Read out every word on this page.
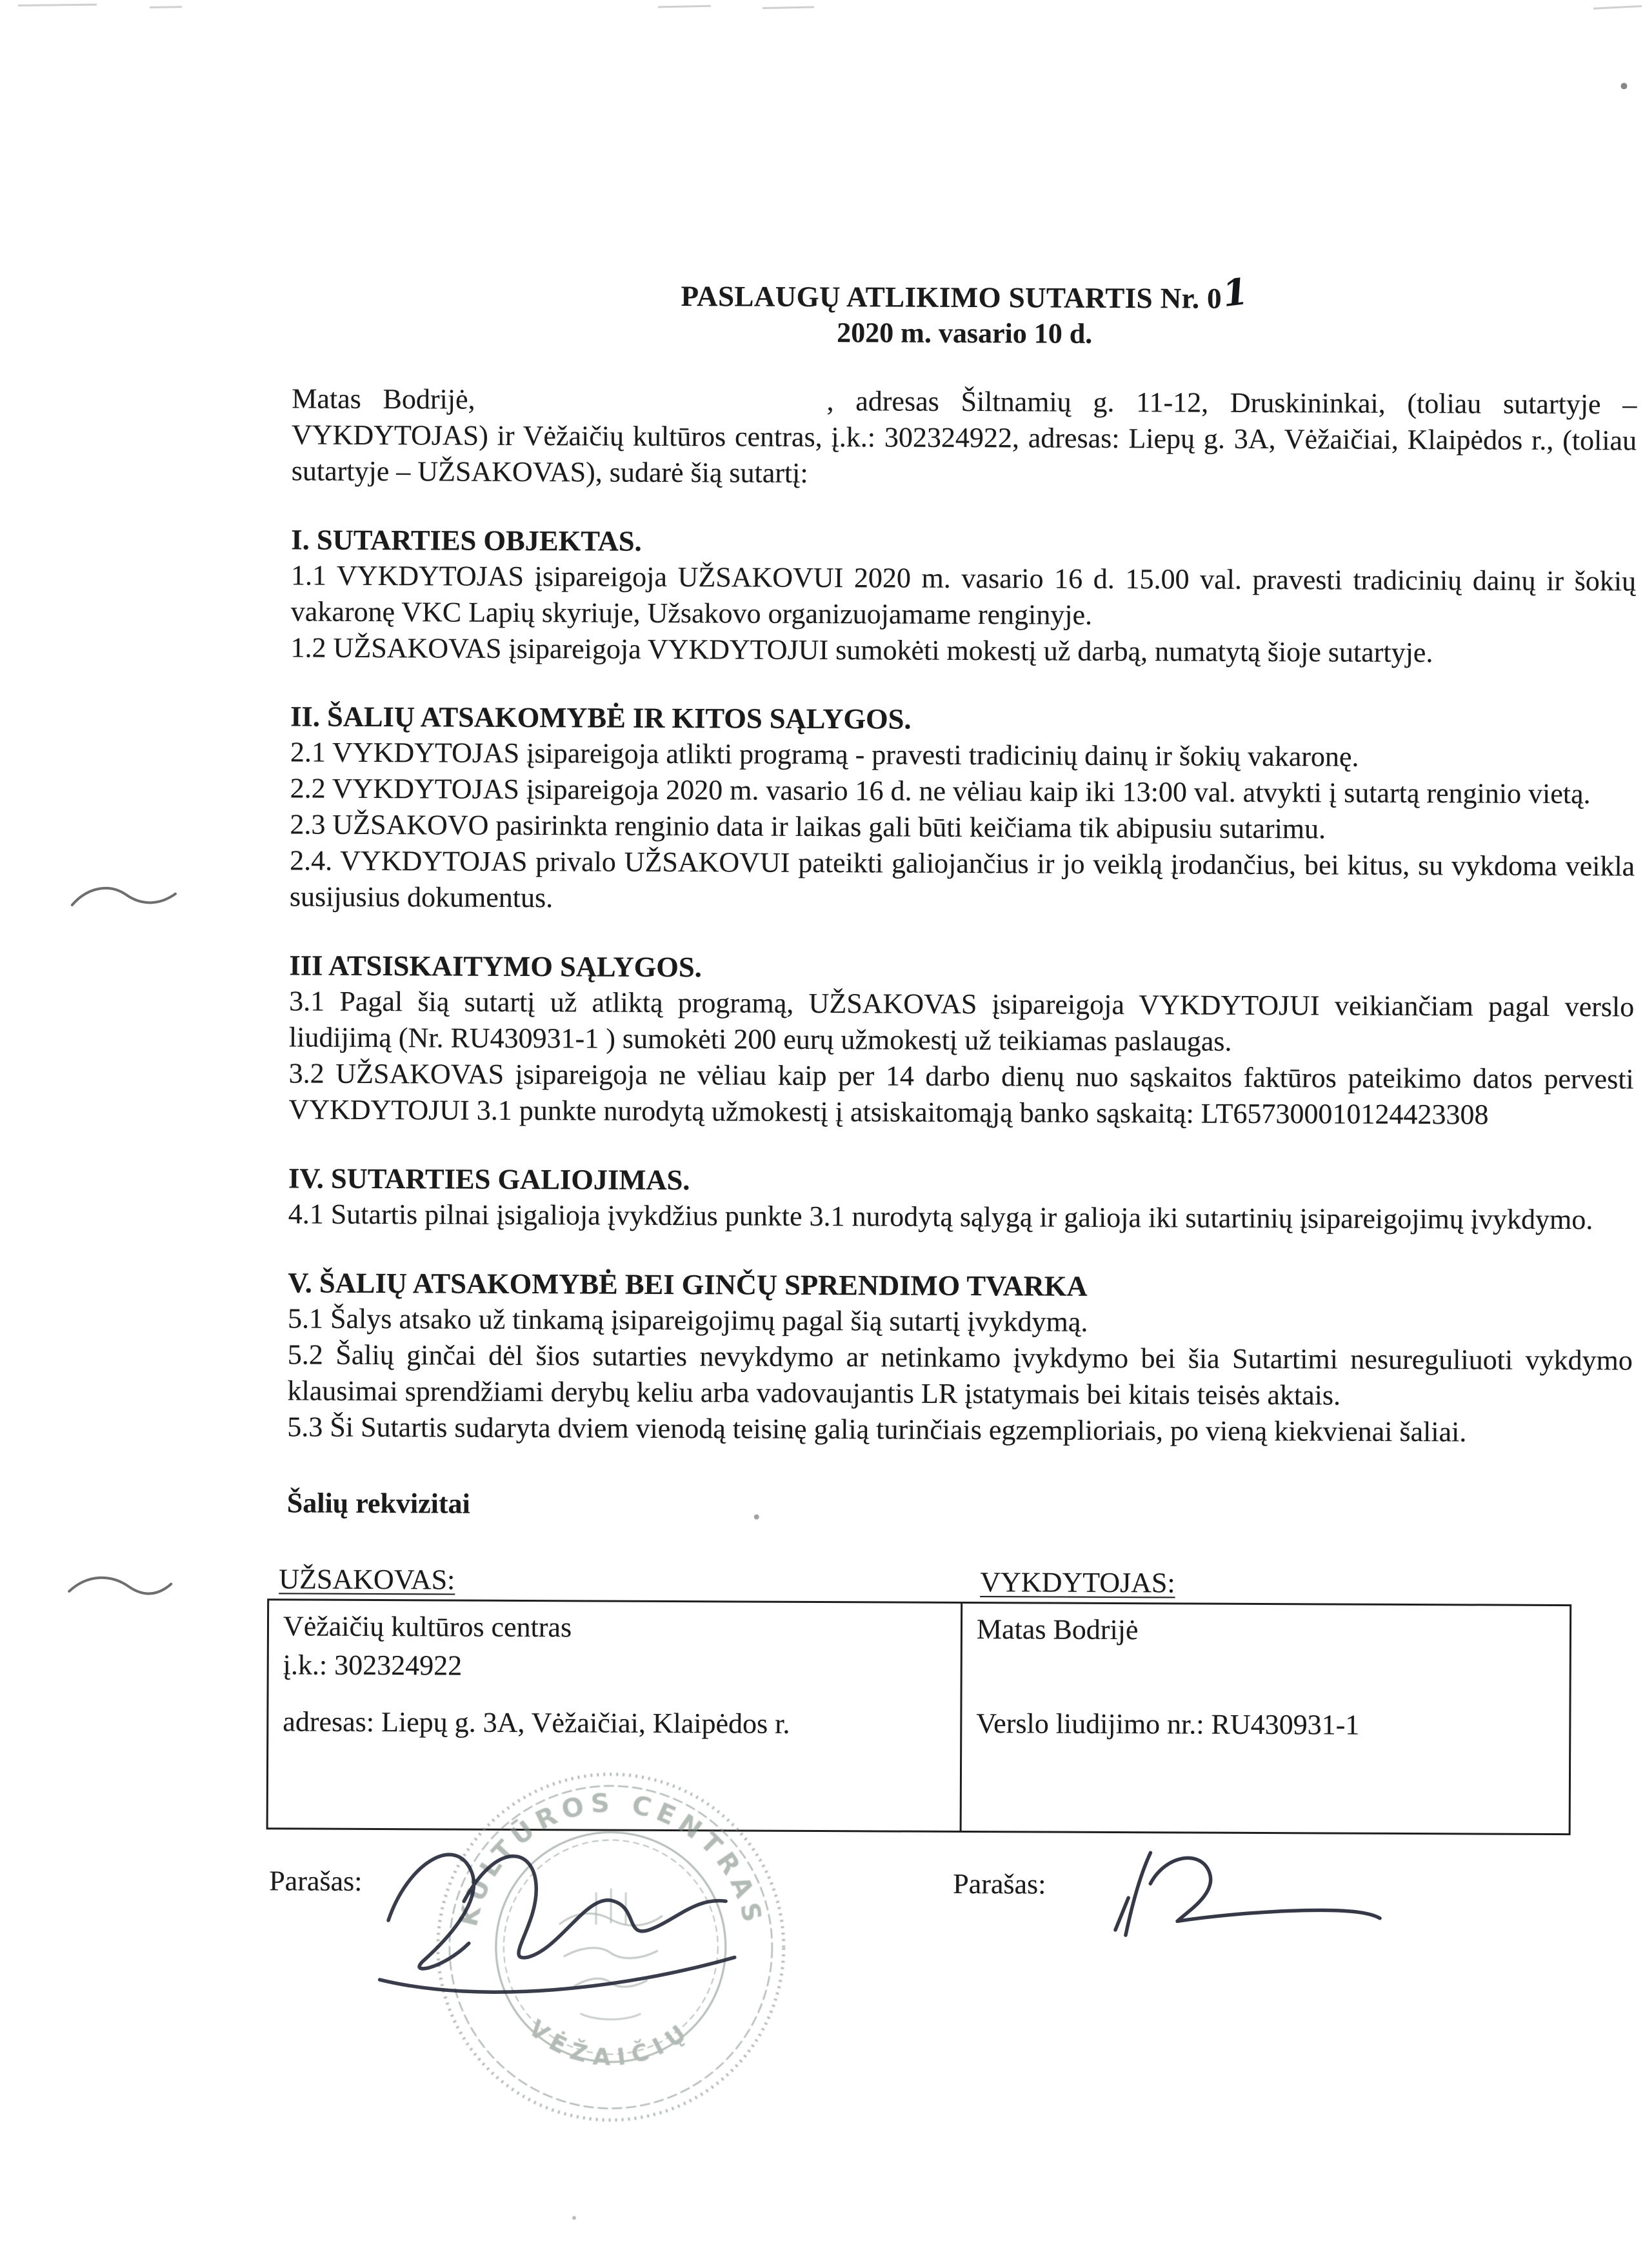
PASLAUGŲ ATLIKIMO SUTARTIS Nr. 01
2020 m. vasario 10 d.

Matas Bodrijė,	, adresas Šiltnamių g. 11-12, Druskininkai, (toliau sutartyje – VYKDYTOJAS) ir Vėžaičių kultūros centras, į.k.: 302324922, adresas: Liepų g. 3A, Vėžaičiai, Klaipėdos r., (toliau sutartyje – UŽSAKOVAS), sudarė šią sutartį:

I. SUTARTIES OBJEKTAS.

1.1 VYKDYTOJAS įsipareigoja UŽSAKOVUI 2020 m. vasario 16 d. 15.00 val. pravesti tradicinių dainų ir šokių vakaronę VKC Lapių skyriuje, Užsakovo organizuojamame renginyje.

1.2 UŽSAKOVAS įsipareigoja VYKDYTOJUI sumokėti mokestį už darbą, numatytą šioje sutartyje.

II. ŠALIŲ ATSAKOMYBĖ IR KITOS SĄLYGOS.

2.1 VYKDYTOJAS įsipareigoja atlikti programą - pravesti tradicinių dainų ir šokių vakaronę.

2.2 VYKDYTOJAS įsipareigoja 2020 m. vasario 16 d. ne vėliau kaip iki 13:00 val. atvykti į sutartą renginio vietą.

2.3 UŽSAKOVO pasirinkta renginio data ir laikas gali būti keičiama tik abipusiu sutarimu.

2.4. VYKDYTOJAS privalo UŽSAKOVUI pateikti galiojančius ir jo veiklą įrodančius, bei kitus, su vykdoma veikla susijusius dokumentus.

III ATSISKAITYMO SĄLYGOS.

3.1 Pagal šią sutartį už atliktą programą, UŽSAKOVAS įsipareigoja VYKDYTOJUI veikiančiam pagal verslo liudijimą (Nr. RU430931-1 ) sumokėti 200 eurų užmokestį už teikiamas paslaugas.

3.2 UŽSAKOVAS įsipareigoja ne vėliau kaip per 14 darbo dienų nuo sąskaitos faktūros pateikimo datos pervesti VYKDYTOJUI 3.1 punkte nurodytą užmokestį į atsiskaitomąją banko sąskaitą: LT657300010124423308

IV. SUTARTIES GALIOJIMAS.

4.1 Sutartis pilnai įsigalioja įvykdžius punkte 3.1 nurodytą sąlygą ir galioja iki sutartinių įsipareigojimų įvykdymo.

V. ŠALIŲ ATSAKOMYBĖ BEI GINČŲ SPRENDIMO TVARKA

5.1 Šalys atsako už tinkamą įsipareigojimų pagal šią sutartį įvykdymą.

5.2 Šalių ginčai dėl šios sutarties nevykdymo ar netinkamo įvykdymo bei šia Sutartimi nesureguliuoti vykdymo klausimai sprendžiami derybų keliu arba vadovaujantis LR įstatymais bei kitais teisės aktais.

5.3 Ši Sutartis sudaryta dviem vienodą teisinę galią turinčiais egzemplioriais, po vieną kiekvienai šaliai.

Šalių rekvizitai
UŽSAKOVAS:	VYKDYTOJAS:
Vėžaičių kultūros centras
į.k.: 302324922
adresas: Liepų g. 3A, Vėžaičiai, Klaipėdos r.
Matas Bodrijė
Verslo liudijimo nr.: RU430931-1
Parašas:	Parašas:
KULTŪROS CENTRAS
VĖŽAIČIŲ
